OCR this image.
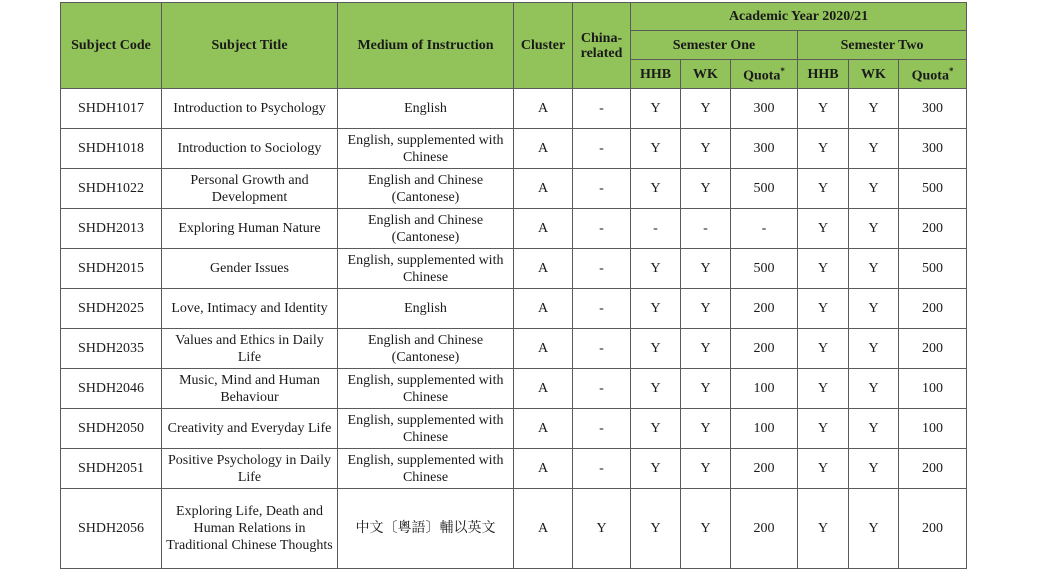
Subject Code	Subject Title	Medium of Instruction	Cluster	China-related	Academic Year 2020/21					
					Semester One			Semester Two		
					HHB	WK	Quota*	HHB	WK	Quota*
SHDH1017	Introduction to Psychology	English	A	-	Y	Y	300	Y	Y	300
SHDH1018	Introduction to Sociology	English, supplemented with Chinese	A	-	Y	Y	300	Y	Y	300
SHDH1022	Personal Growth and Development	English and Chinese (Cantonese)	A	-	Y	Y	500	Y	Y	500
SHDH2013	Exploring Human Nature	English and Chinese (Cantonese)	A	-	-	-	-	Y	Y	200
SHDH2015	Gender Issues	English, supplemented with Chinese	A	-	Y	Y	500	Y	Y	500
SHDH2025	Love, Intimacy and Identity	English	A	-	Y	Y	200	Y	Y	200
SHDH2035	Values and Ethics in Daily Life	English and Chinese (Cantonese)	A	-	Y	Y	200	Y	Y	200
SHDH2046	Music, Mind and Human Behaviour	English, supplemented with Chinese	A	-	Y	Y	100	Y	Y	100
SHDH2050	Creativity and Everyday Life	English, supplemented with Chinese	A	-	Y	Y	100	Y	Y	100
SHDH2051	Positive Psychology in Daily Life	English, supplemented with Chinese	A	-	Y	Y	200	Y	Y	200
SHDH2056	Exploring Life, Death and Human Relations in Traditional Chinese Thoughts	中文〔粵語〕輔以英文	A	Y	Y	Y	200	Y	Y	200
